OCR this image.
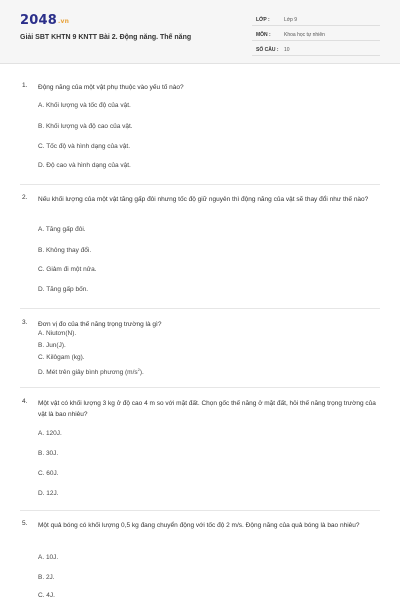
2048.vn
Giải SBT KHTN 9 KNTT Bài 2. Động năng. Thế năng
LỚP :	Lớp 9
MÔN :	Khoa học tự nhiên
SỐ CÂU : 10
1. Động năng của một vật phụ thuộc vào yếu tố nào?
A. Khối lượng và tốc độ của vật.
B. Khối lượng và độ cao của vật.
C. Tốc độ và hình dạng của vật.
D. Độ cao và hình dạng của vật.
2. Nếu khối lượng của một vật tăng gấp đôi nhưng tốc độ giữ nguyên thì động năng của vật sẽ thay đổi như thế nào?
A. Tăng gấp đôi.
B. Không thay đổi.
C. Giảm đi một nửa.
D. Tăng gấp bốn.
3. Đơn vị đo của thế năng trọng trường là gì?
A. Niutơn(N).
B. Jun(J).
C. Kilôgam (kg).
D. Mét trên giây bình phương $(m/s^2)$.
4. Một vật có khối lượng 3 kg ở độ cao 4 m so với mặt đất. Chọn gốc thế năng ở mặt đất, hỏi thế năng trọng trường của vật là bao nhiêu?
A. 120J.
B. 30J.
C. 60J.
D. 12J.
5. Một quả bóng có khối lượng 0,5 kg đang chuyển động với tốc độ 2 m/s. Động năng của quả bóng là bao nhiêu?
A. 10J.
B. 2J.
C. 4J.
